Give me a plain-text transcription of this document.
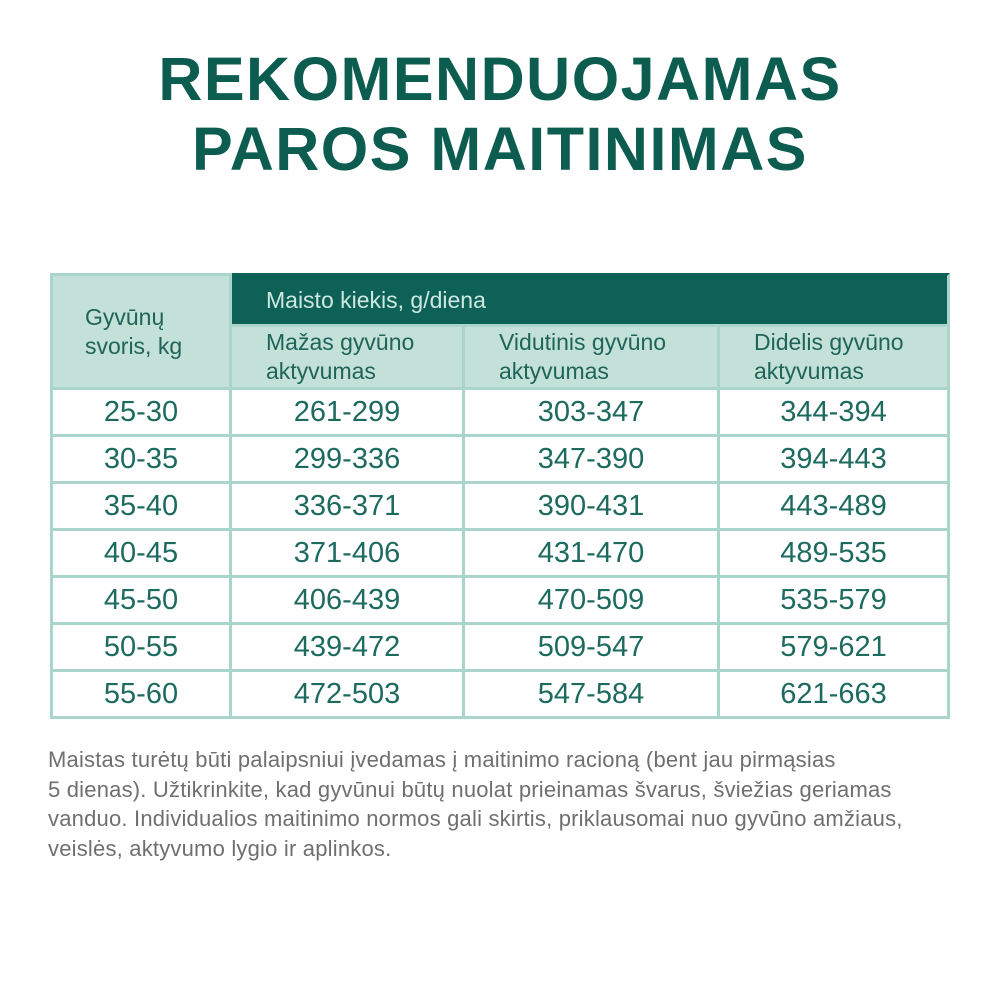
REKOMENDUOJAMAS
PAROS MAITINIMAS
Gyvūnų svoris, kg	Maisto kiekis, g/diena		
	Mažas gyvūno aktyvumas	Vidutinis gyvūno aktyvumas	Didelis gyvūno aktyvumas
25-30	261-299	303-347	344-394
30-35	299-336	347-390	394-443
35-40	336-371	390-431	443-489
40-45	371-406	431-470	489-535
45-50	406-439	470-509	535-579
50-55	439-472	509-547	579-621
55-60	472-503	547-584	621-663
Maistas turėtų būti palaipsniui įvedamas į maitinimo racioną (bent jau pirmąsias
5 dienas). Užtikrinkite, kad gyvūnui būtų nuolat prieinamas švarus, šviežias geriamas
vanduo. Individualios maitinimo normos gali skirtis, priklausomai nuo gyvūno amžiaus,
veislės, aktyvumo lygio ir aplinkos.
